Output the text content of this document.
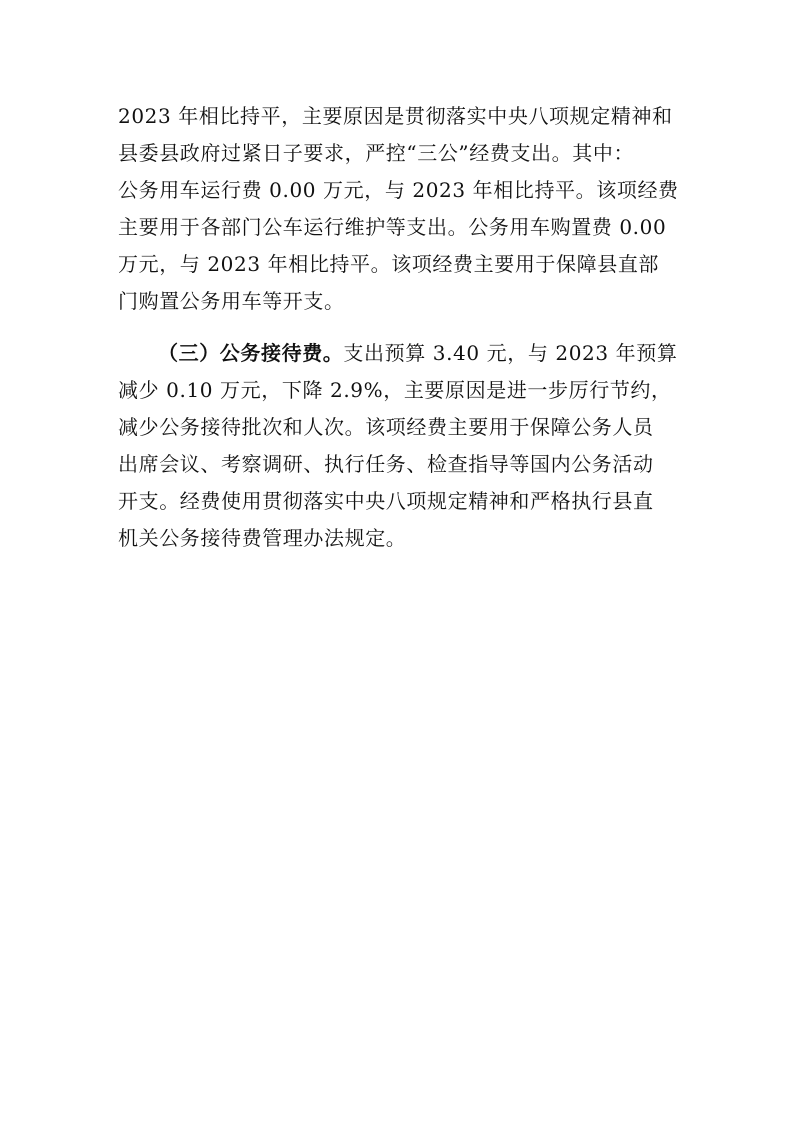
2023 年相比持平，主要原因是贯彻落实中央八项规定精神和
县委县政府过紧日子要求，严控“三公”经费支出。其中：
公务用车运行费 0.00 万元，与 2023 年相比持平。该项经费
主要用于各部门公车运行维护等支出。公务用车购置费 0.00
万元，与 2023 年相比持平。该项经费主要用于保障县直部
门购置公务用车等开支。
（三）公务接待费。支出预算 3.40 元，与 2023 年预算
减少 0.10 万元，下降 2.9%，主要原因是进一步厉行节约，
减少公务接待批次和人次。该项经费主要用于保障公务人员
出席会议、考察调研、执行任务、检查指导等国内公务活动
开支。经费使用贯彻落实中央八项规定精神和严格执行县直
机关公务接待费管理办法规定。
